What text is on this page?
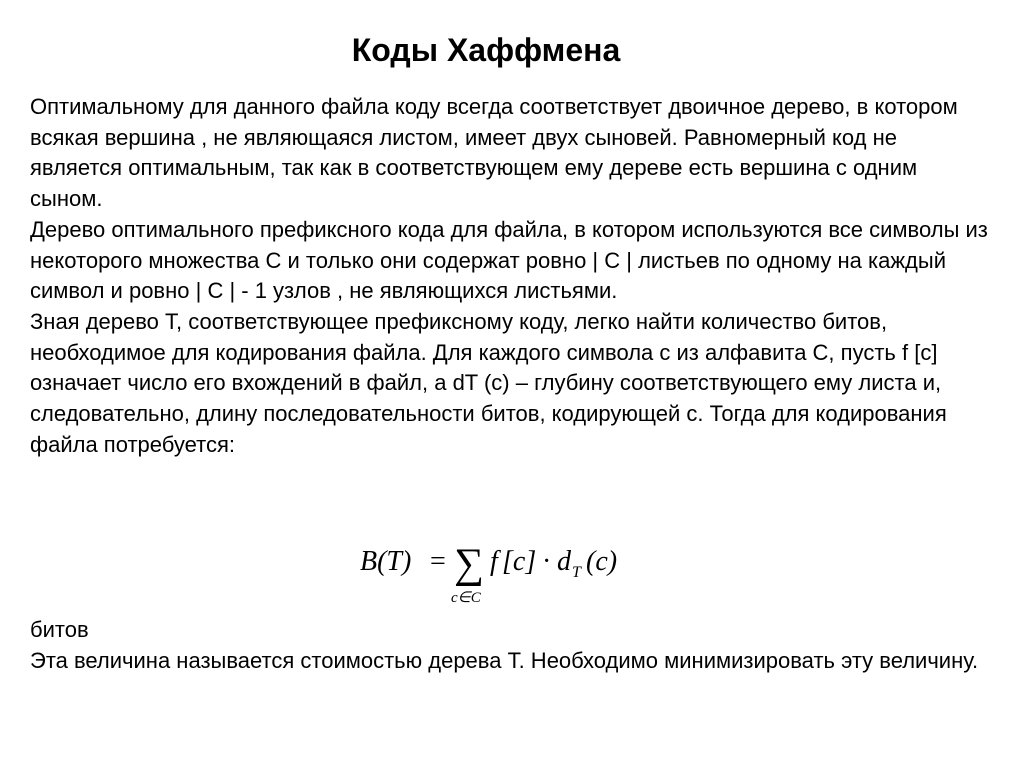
Коды Хаффмена

Оптимальному для данного файла коду всегда соответствует двоичное дерево, в котором всякая вершина , не являющаяся листом, имеет двух сыновей. Равномерный код не является оптимальным, так как в соответствующем ему дереве есть вершина с одним сыном.

Дерево оптимального префиксного кода для файла, в котором используются все символы из некоторого множества С и только они содержат ровно | С | листьев по одному на каждый символ и ровно | С | - 1 узлов , не являющихся листьями.

Зная дерево Т, соответствующее префиксному коду, легко найти количество битов, необходимое для кодирования файла. Для каждого символа с из алфавита С, пусть f [c] означает число его вхождений в файл, а dT (c) – глубину соответствующего ему листа и, следовательно, длину последовательности битов, кодирующей с. Тогда для кодирования файла потребуется:

B(T) = ∑
c∈C
f [c] · d T (c)

битов

Эта величина называется стоимостью дерева Т. Необходимо минимизировать эту величину.
